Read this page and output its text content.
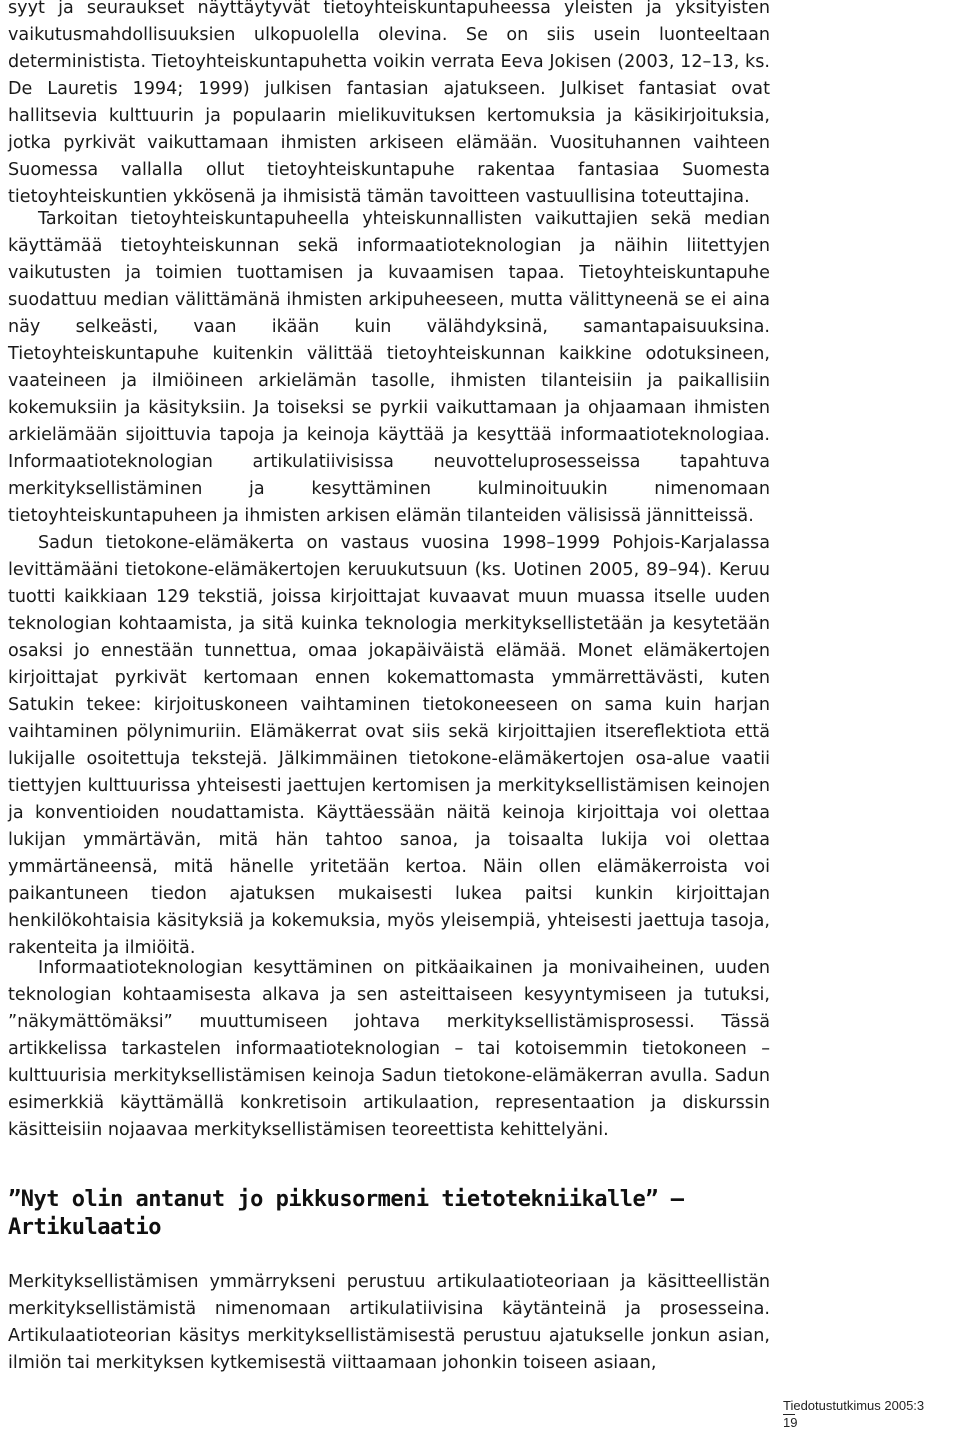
syyt ja seuraukset näyttäytyvät tietoyhteiskuntapuheessa yleisten ja yksityisten vaikutusmahdollisuuksien ulkopuolella olevina. Se on siis usein luonteeltaan deterministista. Tietoyhteiskuntapuhetta voikin verrata Eeva Jokisen (2003, 12–13, ks. De Lauretis 1994; 1999) julkisen fantasian ajatukseen. Julkiset fantasiat ovat hallitsevia kulttuurin ja populaarin mielikuvituksen kertomuksia ja käsikirjoituksia, jotka pyrkivät vaikuttamaan ihmisten arkiseen elämään. Vuosituhannen vaihteen Suomessa vallalla ollut tietoyhteiskuntapuhe rakentaa fantasiaa Suomesta tietoyhteiskuntien ykkösenä ja ihmisistä tämän tavoitteen vastuullisina toteuttajina.

Tarkoitan tietoyhteiskuntapuheella yhteiskunnallisten vaikuttajien sekä median käyttämää tietoyhteiskunnan sekä informaatioteknologian ja näihin liitettyjen vaikutusten ja toimien tuottamisen ja kuvaamisen tapaa. Tietoyhteiskuntapuhe suodattuu median välittämänä ihmisten arkipuheeseen, mutta välittyneenä se ei aina näy selkeästi, vaan ikään kuin välähdyksinä, samantapaisuuksina. Tietoyhteiskuntapuhe kuitenkin välittää tietoyhteiskunnan kaikkine odotuksineen, vaateineen ja ilmiöineen arkielämän tasolle, ihmisten tilanteisiin ja paikallisiin kokemuksiin ja käsityksiin. Ja toiseksi se pyrkii vaikuttamaan ja ohjaamaan ihmisten arkielämään sijoittuvia tapoja ja keinoja käyttää ja kesyttää informaatioteknologiaa. Informaatioteknologian artikulatiivisissa neuvotteluprosesseissa tapahtuva merkityksellistäminen ja kesyttäminen kulminoituukin nimenomaan tietoyhteiskuntapuheen ja ihmisten arkisen elämän tilanteiden välisissä jännitteissä.

Sadun tietokone-elämäkerta on vastaus vuosina 1998–1999 Pohjois-Karjalassa levittämääni tietokone-elämäkertojen keruukutsuun (ks. Uotinen 2005, 89–94). Keruu tuotti kaikkiaan 129 tekstiä, joissa kirjoittajat kuvaavat muun muassa itselle uuden teknologian kohtaamista, ja sitä kuinka teknologia merkityksellistetään ja kesytetään osaksi jo ennestään tunnettua, omaa jokapäiväistä elämää. Monet elämäkertojen kirjoittajat pyrkivät kertomaan ennen kokemattomasta ymmärrettävästi, kuten Satukin tekee: kirjoituskoneen vaihtaminen tietokoneeseen on sama kuin harjan vaihtaminen pölynimuriin. Elämäkerrat ovat siis sekä kirjoittajien itsereflektiota että lukijalle osoitettuja tekstejä. Jälkimmäinen tietokone-elämäkertojen osa-alue vaatii tiettyjen kulttuurissa yhteisesti jaettujen kertomisen ja merkityksellistämisen keinojen ja konventioiden noudattamista. Käyttäessään näitä keinoja kirjoittaja voi olettaa lukijan ymmärtävän, mitä hän tahtoo sanoa, ja toisaalta lukija voi olettaa ymmärtäneensä, mitä hänelle yritetään kertoa. Näin ollen elämäkerroista voi paikantuneen tiedon ajatuksen mukaisesti lukea paitsi kunkin kirjoittajan henkilökohtaisia käsityksiä ja kokemuksia, myös yleisempiä, yhteisesti jaettuja tasoja, rakenteita ja ilmiöitä.

Informaatioteknologian kesyttäminen on pitkäaikainen ja monivaiheinen, uuden teknologian kohtaamisesta alkava ja sen asteittaiseen kesyyntymiseen ja tutuksi, ”näkymättömäksi” muuttumiseen johtava merkityksellistämisprosessi. Tässä artikkelissa tarkastelen informaatioteknologian – tai kotoisemmin tietokoneen – kulttuurisia merkityksellistämisen keinoja Sadun tietokone-elämäkerran avulla. Sadun esimerkkiä käyttämällä konkretisoin artikulaation, representaation ja diskurssin käsitteisiin nojaavaa merkityksellistämisen teoreettista kehittelyäni.

”Nyt olin antanut jo pikkusormeni tietotekniikalle” – Artikulaatio

Merkityksellistämisen ymmärrykseni perustuu artikulaatioteoriaan ja käsitteellistän merkityksellistämistä nimenomaan artikulatiivisina käytänteinä ja prosesseina. Artikulaatioteorian käsitys merkityksellistämisestä perustuu ajatukselle jonkun asian, ilmiön tai merkityksen kytkemisestä viittaamaan johonkin toiseen asiaan,

Tiedotustutkimus 2005:3
19
